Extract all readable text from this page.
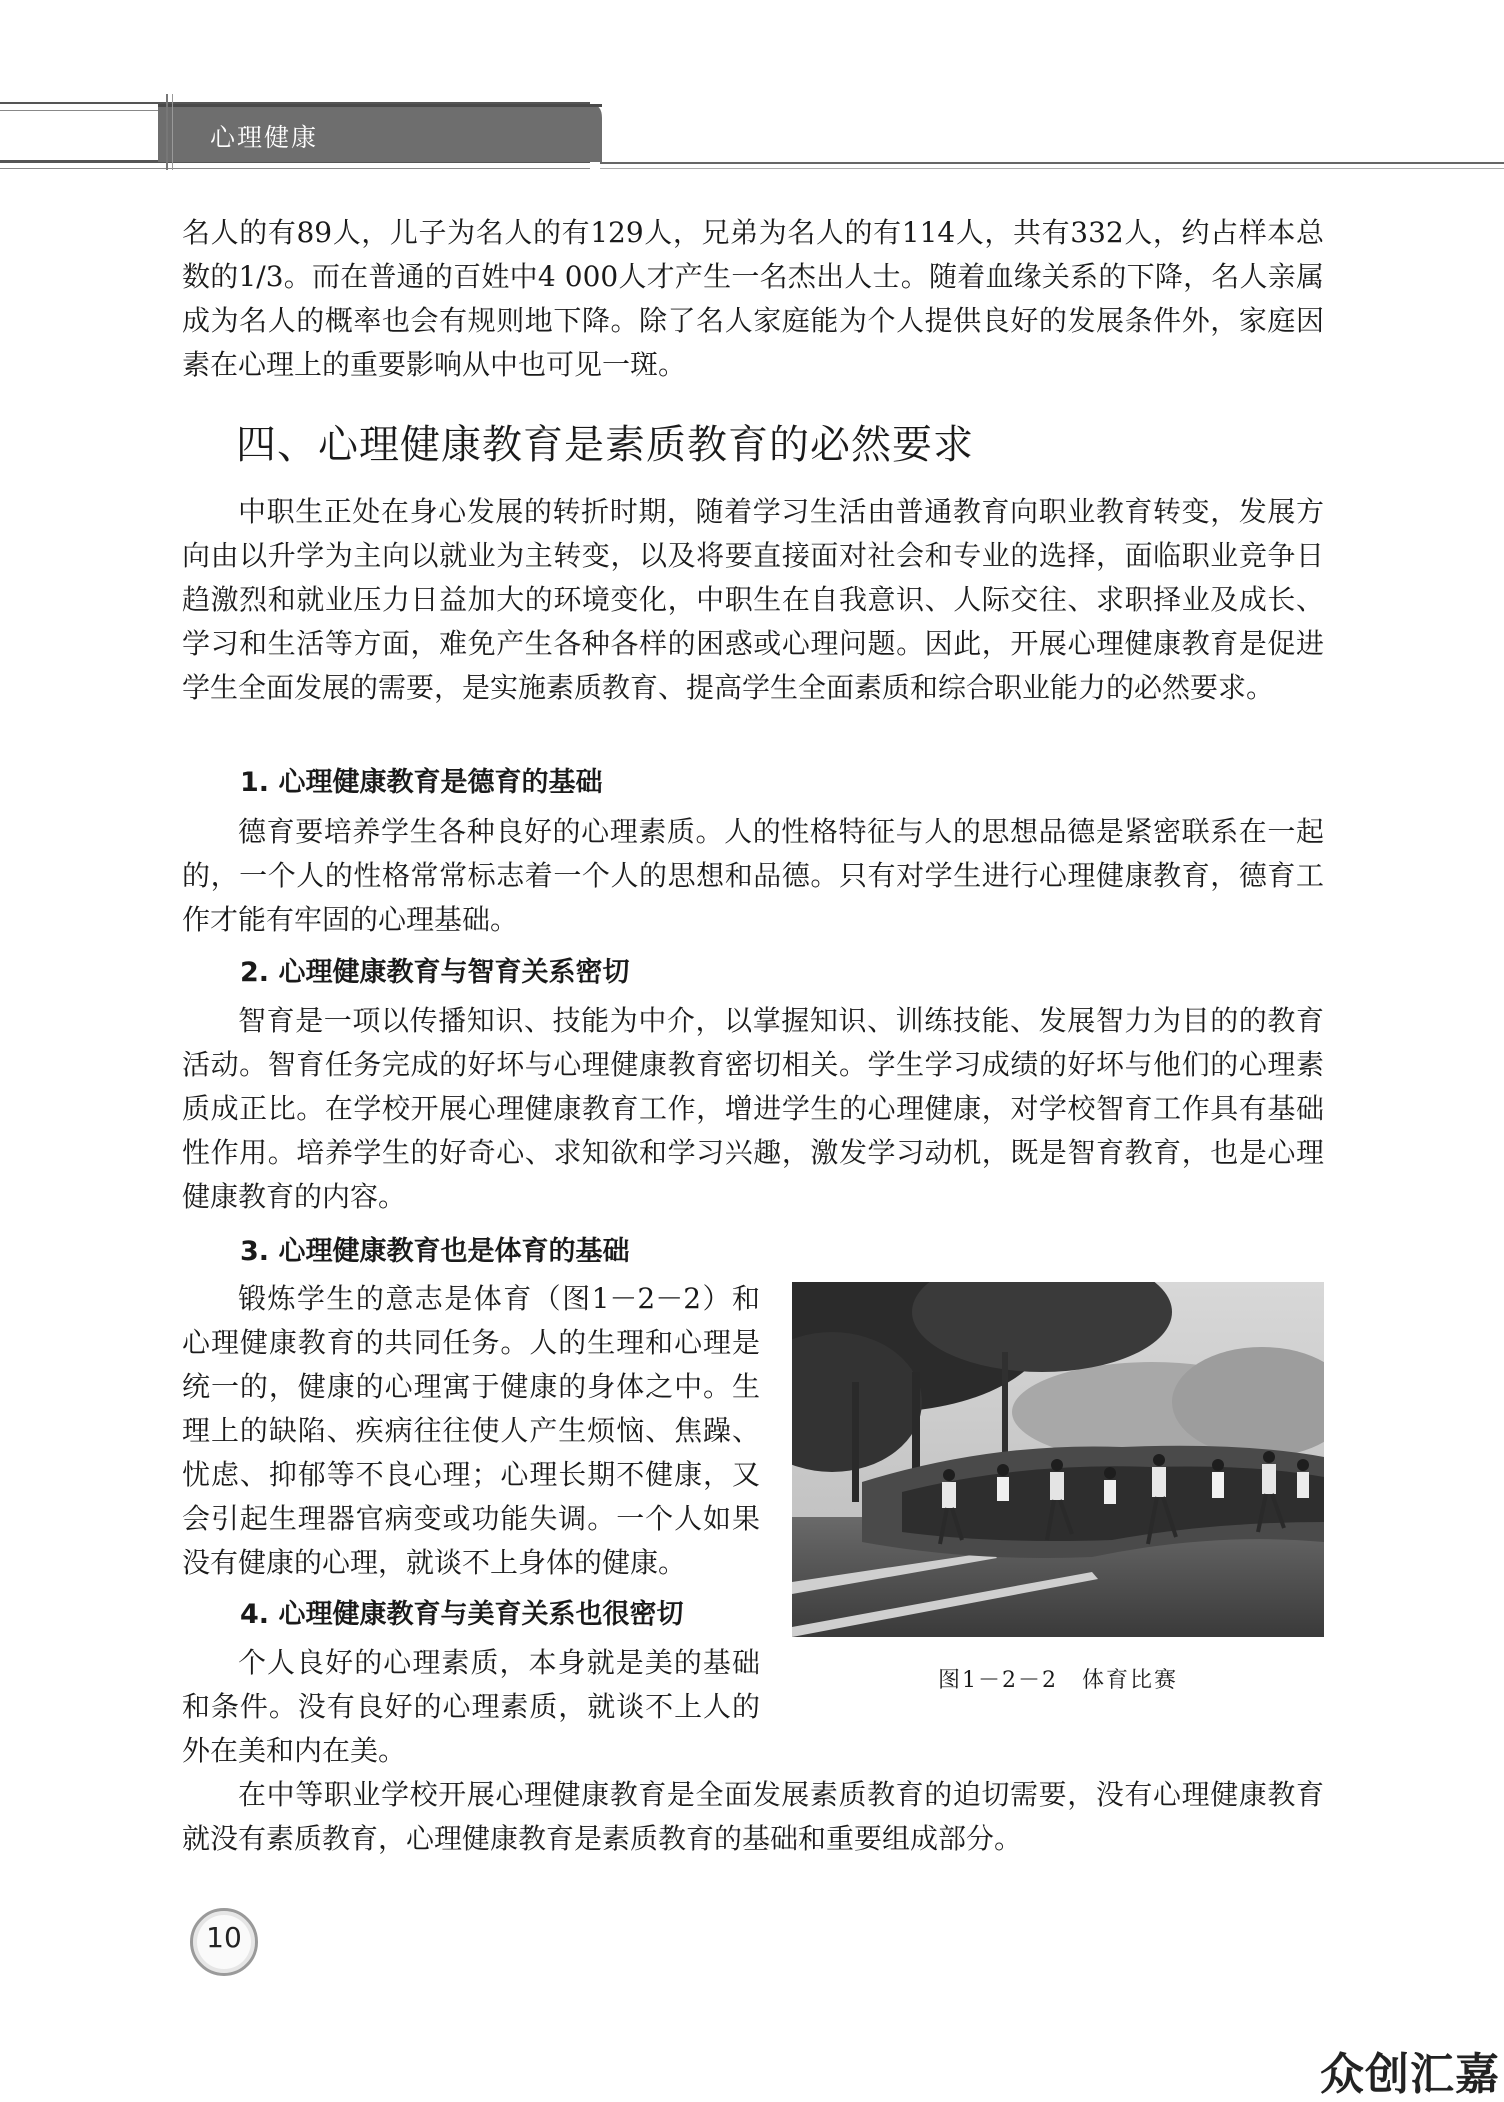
心理健康

名人的有89人，儿子为名人的有129人，兄弟为名人的有114人，共有332人，约占样本总数的1/3。而在普通的百姓中4 000人才产生一名杰出人士。随着血缘关系的下降，名人亲属成为名人的概率也会有规则地下降。除了名人家庭能为个人提供良好的发展条件外，家庭因素在心理上的重要影响从中也可见一斑。

四、心理健康教育是素质教育的必然要求

中职生正处在身心发展的转折时期，随着学习生活由普通教育向职业教育转变，发展方向由以升学为主向以就业为主转变，以及将要直接面对社会和专业的选择，面临职业竞争日趋激烈和就业压力日益加大的环境变化，中职生在自我意识、人际交往、求职择业及成长、学习和生活等方面，难免产生各种各样的困惑或心理问题。因此，开展心理健康教育是促进学生全面发展的需要，是实施素质教育、提高学生全面素质和综合职业能力的必然要求。

1. 心理健康教育是德育的基础

德育要培养学生各种良好的心理素质。人的性格特征与人的思想品德是紧密联系在一起的，一个人的性格常常标志着一个人的思想和品德。只有对学生进行心理健康教育，德育工作才能有牢固的心理基础。

2. 心理健康教育与智育关系密切

智育是一项以传播知识、技能为中介，以掌握知识、训练技能、发展智力为目的的教育活动。智育任务完成的好坏与心理健康教育密切相关。学生学习成绩的好坏与他们的心理素质成正比。在学校开展心理健康教育工作，增进学生的心理健康，对学校智育工作具有基础性作用。培养学生的好奇心、求知欲和学习兴趣，激发学习动机，既是智育教育，也是心理健康教育的内容。

3. 心理健康教育也是体育的基础

锻炼学生的意志是体育（图1－2－2）和心理健康教育的共同任务。人的生理和心理是统一的，健康的心理寓于健康的身体之中。生理上的缺陷、疾病往往使人产生烦恼、焦躁、忧虑、抑郁等不良心理；心理长期不健康，又会引起生理器官病变或功能失调。一个人如果没有健康的心理，就谈不上身体的健康。

4. 心理健康教育与美育关系也很密切

个人良好的心理素质，本身就是美的基础和条件。没有良好的心理素质，就谈不上人的外在美和内在美。

在中等职业学校开展心理健康教育是全面发展素质教育的迫切需要，没有心理健康教育就没有素质教育，心理健康教育是素质教育的基础和重要组成部分。

图1－2－2　体育比赛
10
众创汇嘉
